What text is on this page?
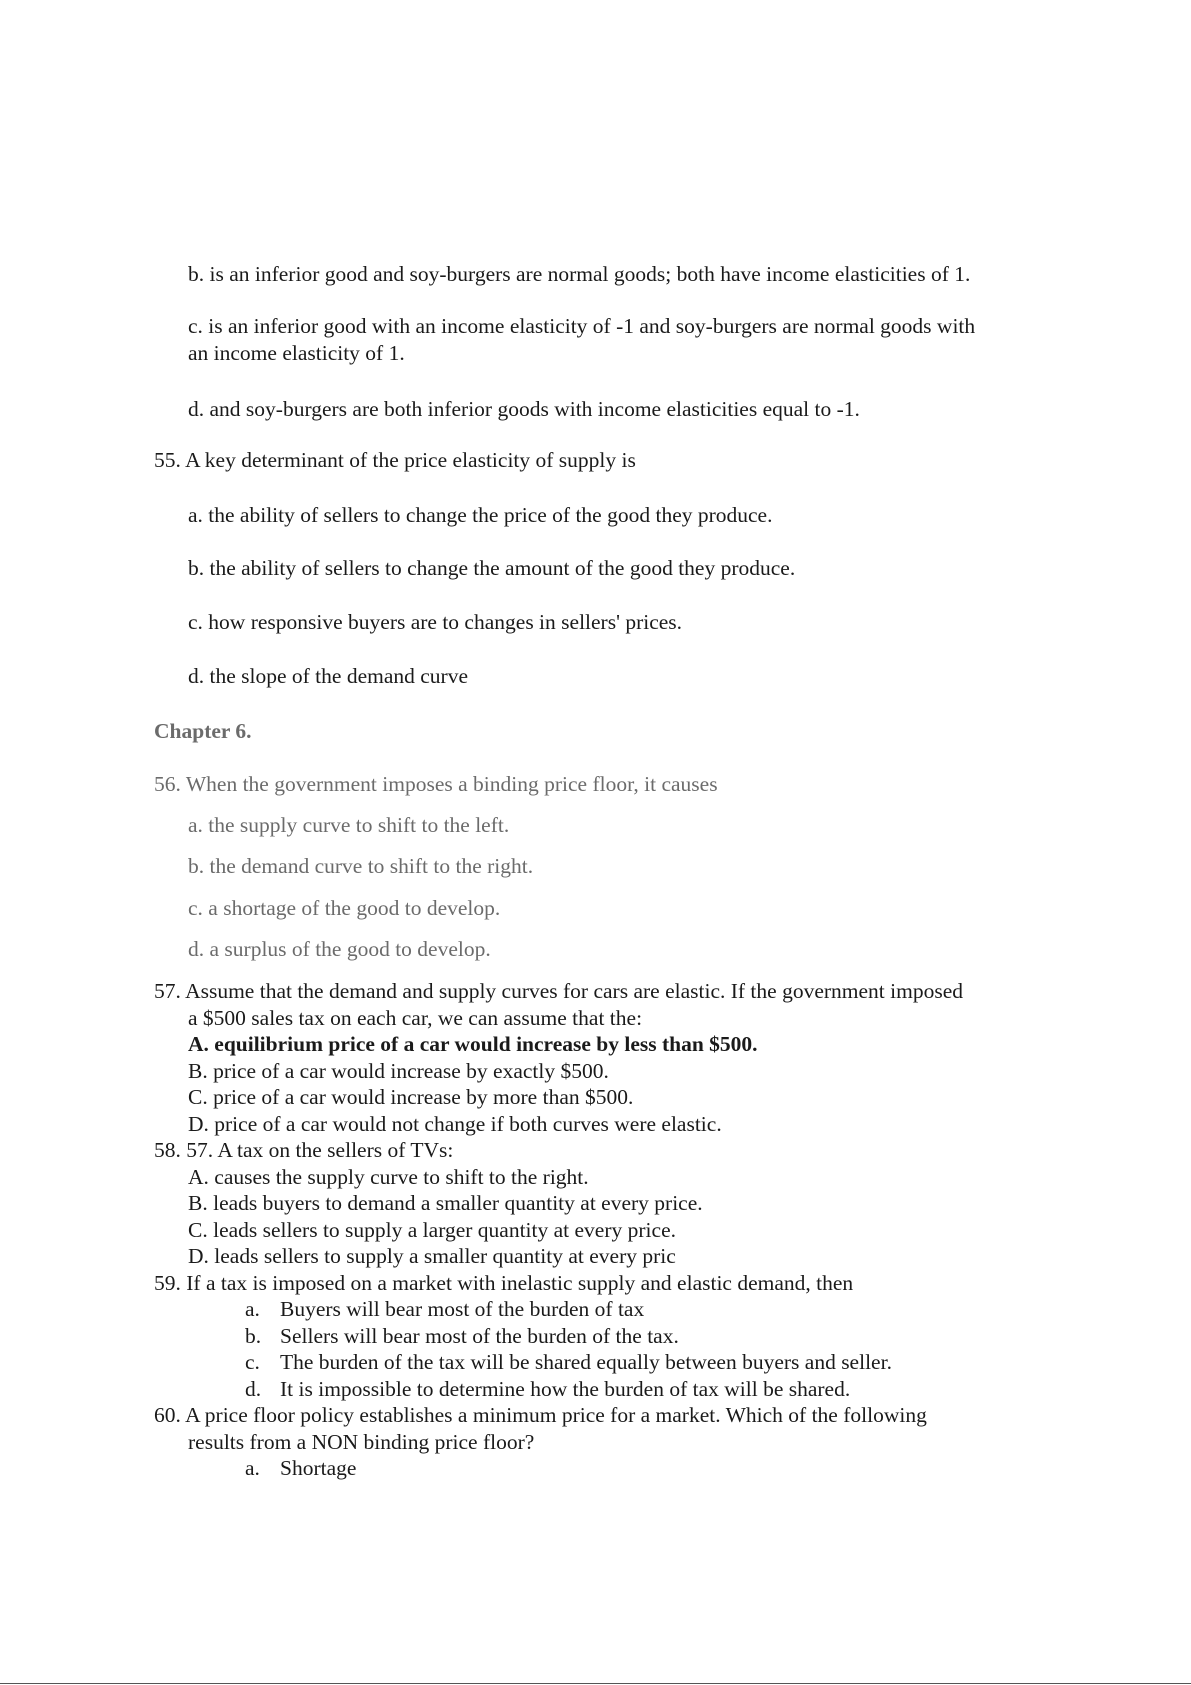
b. is an inferior good and soy-burgers are normal goods; both have income elasticities of 1.
c. is an inferior good with an income elasticity of -1 and soy-burgers are normal goods with
an income elasticity of 1.
d. and soy-burgers are both inferior goods with income elasticities equal to -1.
55. A key determinant of the price elasticity of supply is
a. the ability of sellers to change the price of the good they produce.
b. the ability of sellers to change the amount of the good they produce.
c. how responsive buyers are to changes in sellers' prices.
d. the slope of the demand curve
Chapter 6.
56. When the government imposes a binding price floor, it causes
a. the supply curve to shift to the left.
b. the demand curve to shift to the right.
c. a shortage of the good to develop.
d. a surplus of the good to develop.
57. Assume that the demand and supply curves for cars are elastic. If the government imposed
a $500 sales tax on each car, we can assume that the:
A. equilibrium price of a car would increase by less than $500.
B. price of a car would increase by exactly $500.
C. price of a car would increase by more than $500.
D. price of a car would not change if both curves were elastic.
58. 57. A tax on the sellers of TVs:
A. causes the supply curve to shift to the right.
B. leads buyers to demand a smaller quantity at every price.
C. leads sellers to supply a larger quantity at every price.
D. leads sellers to supply a smaller quantity at every pric
59. If a tax is imposed on a market with inelastic supply and elastic demand, then
a. Buyers will bear most of the burden of tax
b. Sellers will bear most of the burden of the tax.
c. The burden of the tax will be shared equally between buyers and seller.
d. It is impossible to determine how the burden of tax will be shared.
60. A price floor policy establishes a minimum price for a market. Which of the following
results from a NON binding price floor?
a. Shortage
